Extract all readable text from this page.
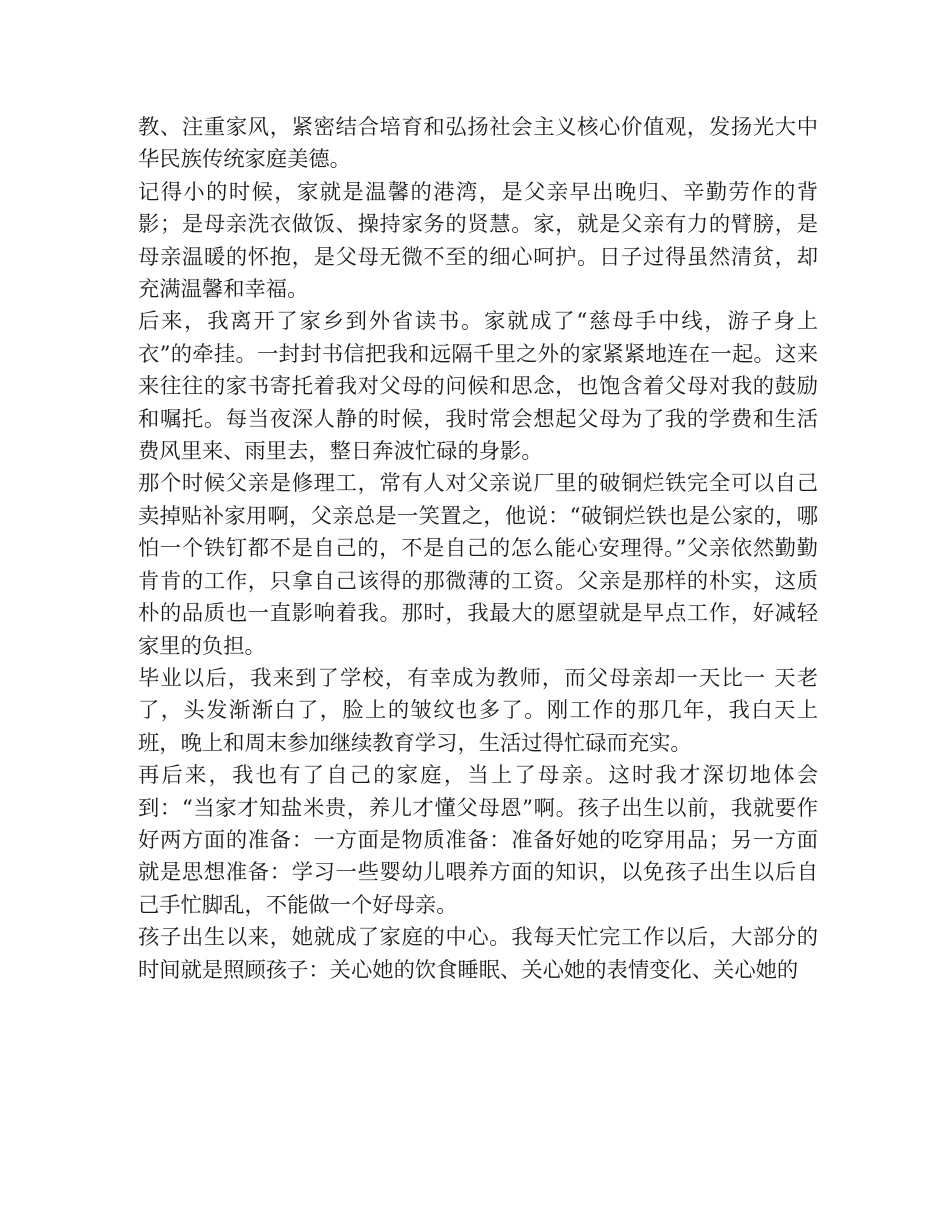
教、注重家风，紧密结合培育和弘扬社会主义核心价值观，发扬光大中华民族传统家庭美德。

记得小的时候，家就是温馨的港湾，是父亲早出晚归、辛勤劳作的背影；是母亲洗衣做饭、操持家务的贤慧。家，就是父亲有力的臂膀，是母亲温暖的怀抱，是父母无微不至的细心呵护。日子过得虽然清贫，却充满温馨和幸福。

后来，我离开了家乡到外省读书。家就成了“慈母手中线，游子身上衣”的牵挂。一封封书信把我和远隔千里之外的家紧紧地连在一起。这来来往往的家书寄托着我对父母的问候和思念，也饱含着父母对我的鼓励和嘱托。每当夜深人静的时候，我时常会想起父母为了我的学费和生活费风里来、雨里去，整日奔波忙碌的身影。

那个时候父亲是修理工，常有人对父亲说厂里的破铜烂铁完全可以自己卖掉贴补家用啊，父亲总是一笑置之，他说：“破铜烂铁也是公家的，哪怕一个铁钉都不是自己的，不是自己的怎么能心安理得。”父亲依然勤勤肯肯的工作，只拿自己该得的那微薄的工资。父亲是那样的朴实，这质朴的品质也一直影响着我。那时，我最大的愿望就是早点工作，好减轻家里的负担。

毕业以后，我来到了学校，有幸成为教师，而父母亲却一天比一 天老了，头发渐渐白了，脸上的皱纹也多了。刚工作的那几年，我白天上班，晚上和周末参加继续教育学习，生活过得忙碌而充实。

再后来，我也有了自己的家庭，当上了母亲。这时我才深切地体会到：“当家才知盐米贵，养儿才懂父母恩”啊。孩子出生以前，我就要作好两方面的准备：一方面是物质准备：准备好她的吃穿用品；另一方面就是思想准备：学习一些婴幼儿喂养方面的知识，以免孩子出生以后自己手忙脚乱，不能做一个好母亲。

孩子出生以来，她就成了家庭的中心。我每天忙完工作以后，大部分的时间就是照顾孩子：关心她的饮食睡眠、关心她的表情变化、关心她的
